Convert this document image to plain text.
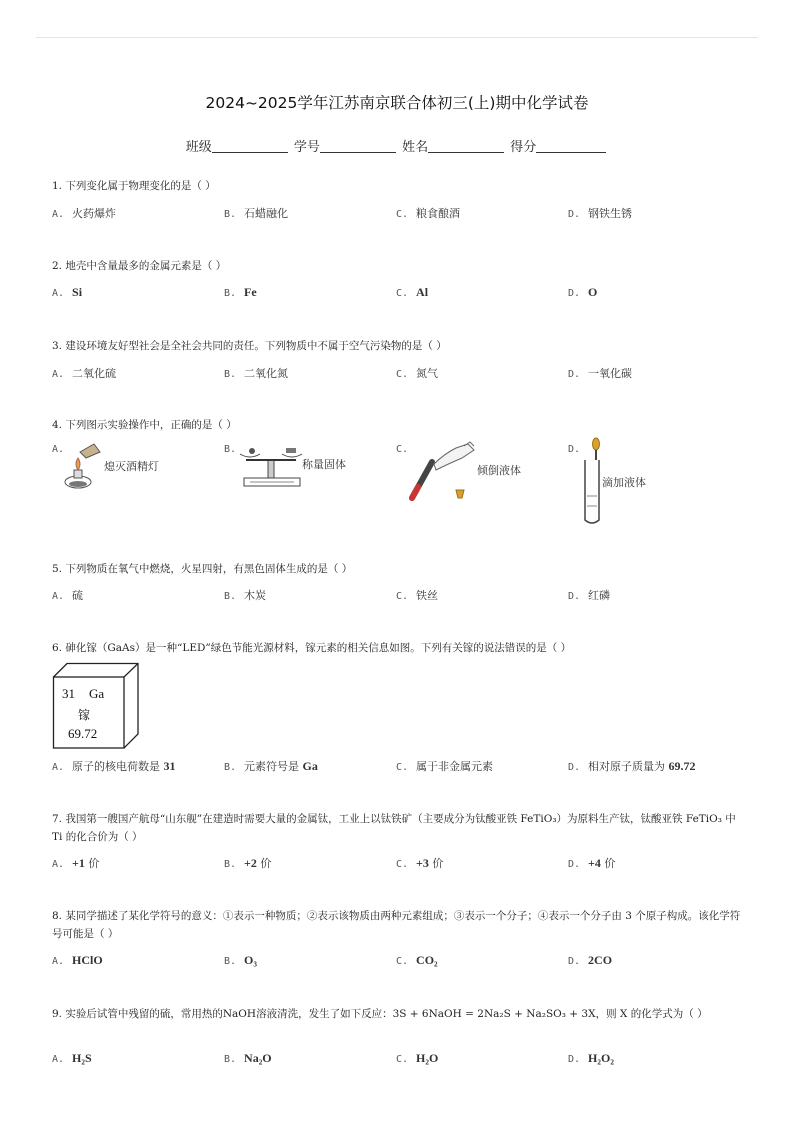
2024~2025学年江苏南京联合体初三(上)期中化学试卷
班级	学号	姓名	得分
1. 下列变化属于物理变化的是（ ）
A. 火药爆炸	B. 石蜡融化	C. 粮食酿酒	D. 钢铁生锈
2. 地壳中含量最多的金属元素是（ ）
A. Si	B. Fe	C. Al	D. O
3. 建设环境友好型社会是全社会共同的责任。下列物质中不属于空气污染物的是（ ）
A. 二氧化硫	B. 二氧化氮	C. 氮气	D. 一氧化碳
4. 下列图示实验操作中，正确的是（ ）
A.
熄灭酒精灯
B.
称量固体
C.
倾倒液体
D.
滴加液体
5. 下列物质在氧气中燃烧，火星四射，有黑色固体生成的是（ ）
A. 硫	B. 木炭	C. 铁丝	D. 红磷
6. 砷化镓（GaAs）是一种“LED”绿色节能光源材料，镓元素的相关信息如图。下列有关镓的说法错误的是（ ）
31 Ga
镓
69.72
A. 原子的核电荷数是 31	B. 元素符号是 Ga	C. 属于非金属元素	D. 相对原子质量为 69.72
7. 我国第一艘国产航母“山东舰”在建造时需要大量的金属钛，工业上以钛铁矿（主要成分为钛酸亚铁 FeTiO₃）为原料生产钛，钛酸亚铁 FeTiO₃ 中 Ti 的化合价为（ ）
A. +1 价	B. +2 价	C. +3 价	D. +4 价
8. 某同学描述了某化学符号的意义：①表示一种物质；②表示该物质由两种元素组成；③表示一个分子；④表示一个分子由 3 个原子构成。该化学符号可能是（ ）
A. HClO	B. O₃	C. CO₂	D. 2CO
9. 实验后试管中残留的硫，常用热的NaOH溶液清洗，发生了如下反应：3S + 6NaOH = 2Na₂S + Na₂SO₃ + 3X，则 X 的化学式为（ ）
A. H₂S	B. Na₂O	C. H₂O	D. H₂O₂
